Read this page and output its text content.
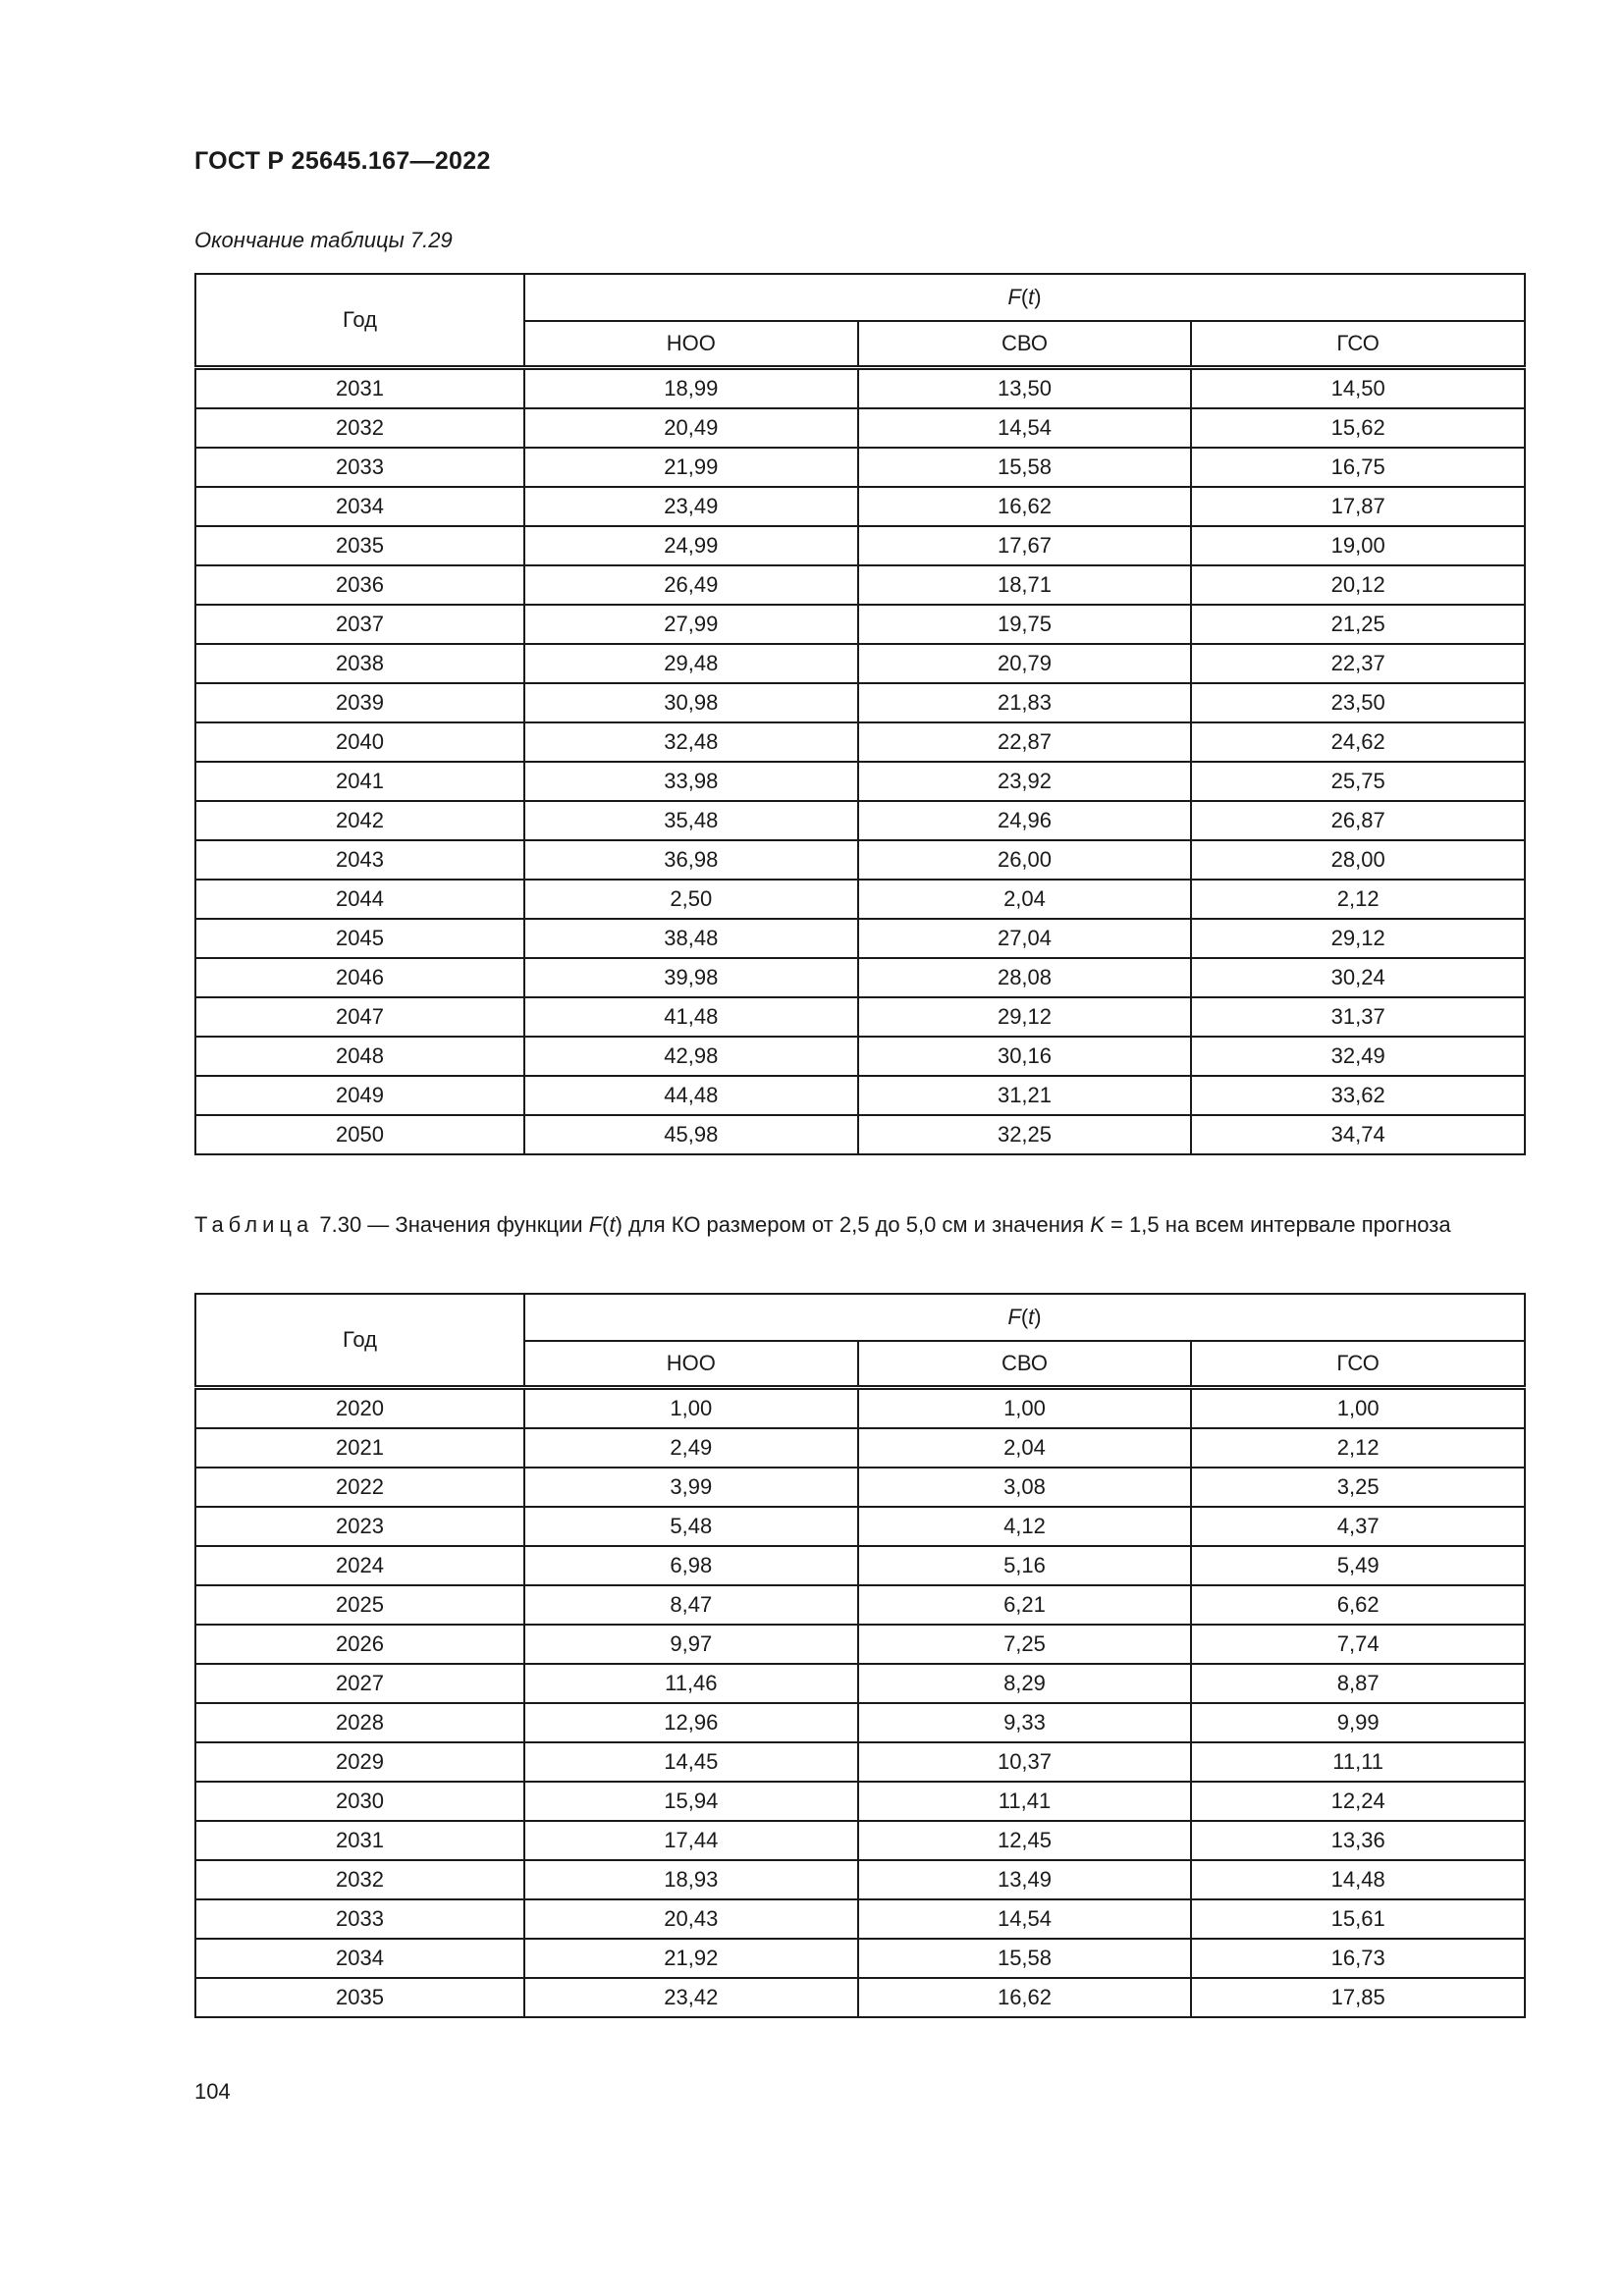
ГОСТ Р 25645.167—2022
Окончание таблицы 7.29
Год	F(t)		
	НОО	СВО	ГСО
2031	18,99	13,50	14,50
2032	20,49	14,54	15,62
2033	21,99	15,58	16,75
2034	23,49	16,62	17,87
2035	24,99	17,67	19,00
2036	26,49	18,71	20,12
2037	27,99	19,75	21,25
2038	29,48	20,79	22,37
2039	30,98	21,83	23,50
2040	32,48	22,87	24,62
2041	33,98	23,92	25,75
2042	35,48	24,96	26,87
2043	36,98	26,00	28,00
2044	2,50	2,04	2,12
2045	38,48	27,04	29,12
2046	39,98	28,08	30,24
2047	41,48	29,12	31,37
2048	42,98	30,16	32,49
2049	44,48	31,21	33,62
2050	45,98	32,25	34,74
Таблица 7.30 — Значения функции F(t) для КО размером от 2,5 до 5,0 см и значения K = 1,5 на всем интервале прогноза
Год	F(t)		
	НОО	СВО	ГСО
2020	1,00	1,00	1,00
2021	2,49	2,04	2,12
2022	3,99	3,08	3,25
2023	5,48	4,12	4,37
2024	6,98	5,16	5,49
2025	8,47	6,21	6,62
2026	9,97	7,25	7,74
2027	11,46	8,29	8,87
2028	12,96	9,33	9,99
2029	14,45	10,37	11,11
2030	15,94	11,41	12,24
2031	17,44	12,45	13,36
2032	18,93	13,49	14,48
2033	20,43	14,54	15,61
2034	21,92	15,58	16,73
2035	23,42	16,62	17,85
104
